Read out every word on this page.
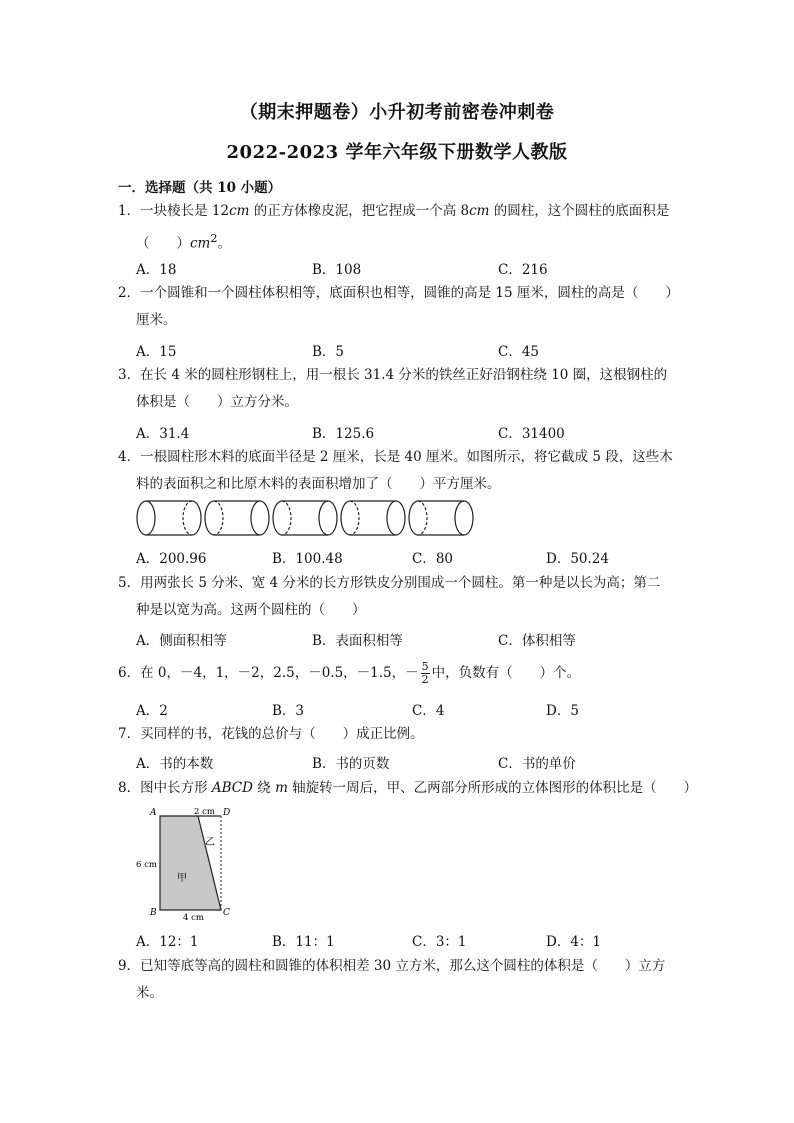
（期末押题卷）小升初考前密卷冲刺卷
2022-2023 学年六年级下册数学人教版
一．选择题（共 10 小题）
1．一块棱长是 12cm 的正方体橡皮泥，把它捏成一个高 8cm 的圆柱，这个圆柱的底面积是
（　　）$cm^2$。
A．18	B．108	C．216
2．一个圆锥和一个圆柱体积相等，底面积也相等，圆锥的高是 15 厘米，圆柱的高是（　　）
厘米。
A．15	B．5	C．45
3．在长 4 米的圆柱形钢柱上，用一根长 31.4 分米的铁丝正好沿钢柱绕 10 圈，这根钢柱的
体积是（　　）立方分米。
A．31.4	B．125.6	C．31400
4．一根圆柱形木料的底面半径是 2 厘米，长是 40 厘米。如图所示，将它截成 5 段，这些木
料的表面积之和比原木料的表面积增加了（　　）平方厘米。
A．200.96	B．100.48	C．80	D．50.24
5．用两张长 5 分米、宽 4 分米的长方形铁皮分别围成一个圆柱。第一种是以长为高；第二
种是以宽为高。这两个圆柱的（　　）
A．侧面积相等	B．表面积相等	C．体积相等
6．在 0，－4，1，－2，2.5，－0.5，－1.5，－ $\frac{5}{2}$ 中，负数有（　　）个。
A．2	B．3	C．4	D．5
7．买同样的书，花钱的总价与（　　）成正比例。
A．书的本数	B．书的页数	C．书的单价
8．图中长方形 ABCD 绕 m 轴旋转一周后，甲、乙两部分所形成的立体图形的体积比是（　　）
A
B	C
D
2 cm
6 cm
4 cm
甲
乙
A．12：1	B．11：1	C．3：1	D．4：1
9．已知等底等高的圆柱和圆锥的体积相差 30 立方米，那么这个圆柱的体积是（　　）立方
米。
